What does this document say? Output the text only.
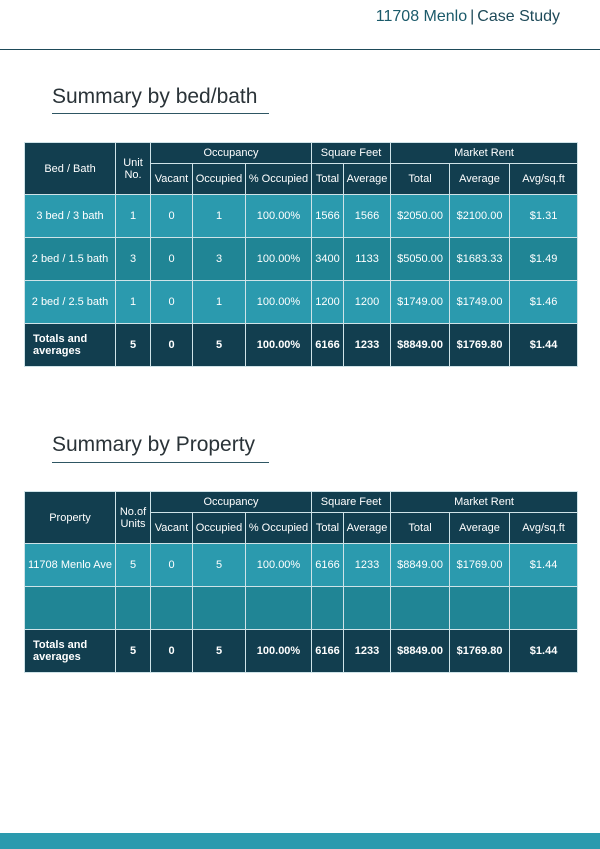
11708 Menlo | Case Study
Summary by bed/bath
Bed / Bath	Unit No.	Occupancy			Square Feet		Market Rent		
		Vacant	Occupied	% Occupied	Total	Average	Total	Average	Avg/sq.ft
3 bed / 3 bath	1	0	1	100.00%	1566	1566	$2050.00	$2100.00	$1.31
2 bed / 1.5 bath	3	0	3	100.00%	3400	1133	$5050.00	$1683.33	$1.49
2 bed / 2.5 bath	1	0	1	100.00%	1200	1200	$1749.00	$1749.00	$1.46
Totals and averages	5	0	5	100.00%	6166	1233	$8849.00	$1769.80	$1.44
Summary by Property
Property	No.of Units	Occupancy			Square Feet		Market Rent		
		Vacant	Occupied	% Occupied	Total	Average	Total	Average	Avg/sq.ft
11708 Menlo Ave	5	0	5	100.00%	6166	1233	$8849.00	$1769.00	$1.44

Totals and averages	5	0	5	100.00%	6166	1233	$8849.00	$1769.80	$1.44
